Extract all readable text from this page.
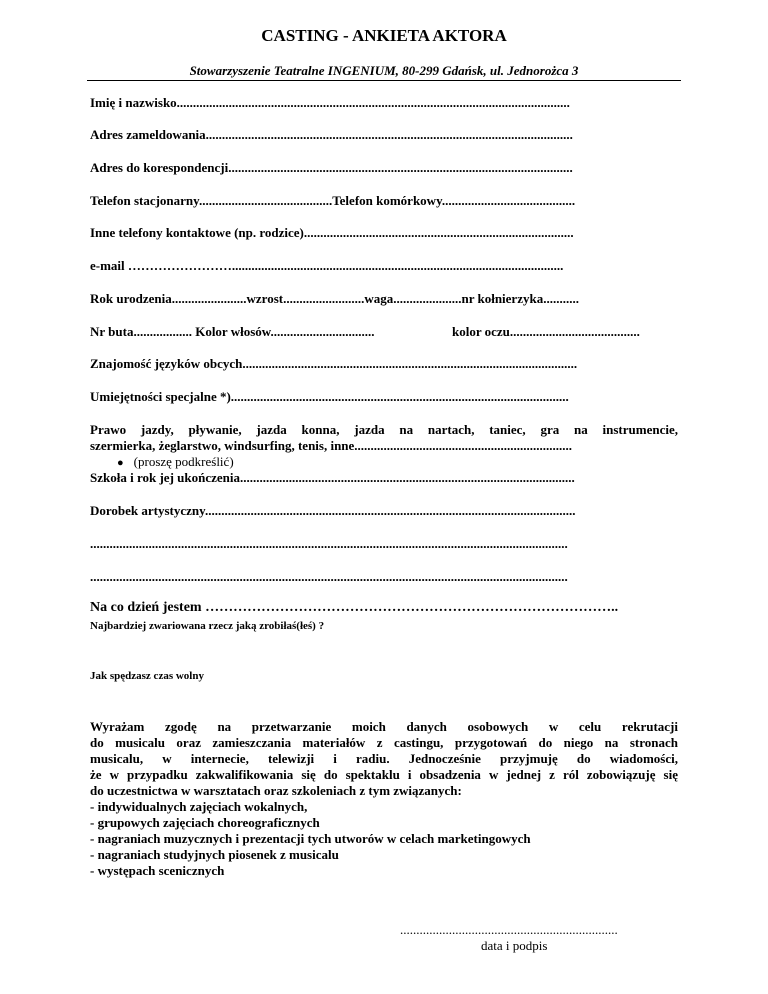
CASTING - ANKIETA AKTORA
Stowarzyszenie Teatralne INGENIUM, 80-299 Gdańsk, ul. Jednorożca 3
Imię i nazwisko.........................................................................................................................
Adres zameldowania.................................................................................................................
Adres do korespondencji..........................................................................................................
Telefon stacjonarny.........................................Telefon komórkowy.........................................
Inne telefony kontaktowe (np. rodzice)...................................................................................
e-mail ……………………......................................................................................................
Rok urodzenia.......................wzrost.........................waga.....................nr kołnierzyka...........
Nr buta.................. Kolor włosów................................	kolor oczu........................................
Znajomość języków obcych.......................................................................................................
Umiejętności specjalne *)........................................................................................................
Prawo jazdy, pływanie, jazda konna, jazda na nartach, taniec, gra na instrumencie,
szermierka, żeglarstwo, windsurfing, tenis, inne...................................................................
● (proszę podkreślić)
Szkoła i rok jej ukończenia.......................................................................................................
Dorobek artystyczny..................................................................................................................
...................................................................................................................................................
...................................................................................................................................................
Na co dzień jestem ……………………………………………………………………………..
Najbardziej zwariowana rzecz jaką zrobiłaś(łeś) ?
Jak spędzasz czas wolny
Wyrażam zgodę na przetwarzanie moich danych osobowych w celu rekrutacji
do musicalu oraz zamieszczania materiałów z castingu, przygotowań do niego na stronach
musicalu, w internecie, telewizji i radiu. Jednocześnie przyjmuję do wiadomości,
że w przypadku zakwalifikowania się do spektaklu i obsadzenia w jednej z ról zobowiązuję się
do uczestnictwa w warsztatach oraz szkoleniach z tym związanych:
- indywidualnych zajęciach wokalnych,
- grupowych zajęciach choreograficznych
- nagraniach muzycznych i prezentacji tych utworów w celach marketingowych
- nagraniach studyjnych piosenek z musicalu
- występach scenicznych
...................................................................
data i podpis
